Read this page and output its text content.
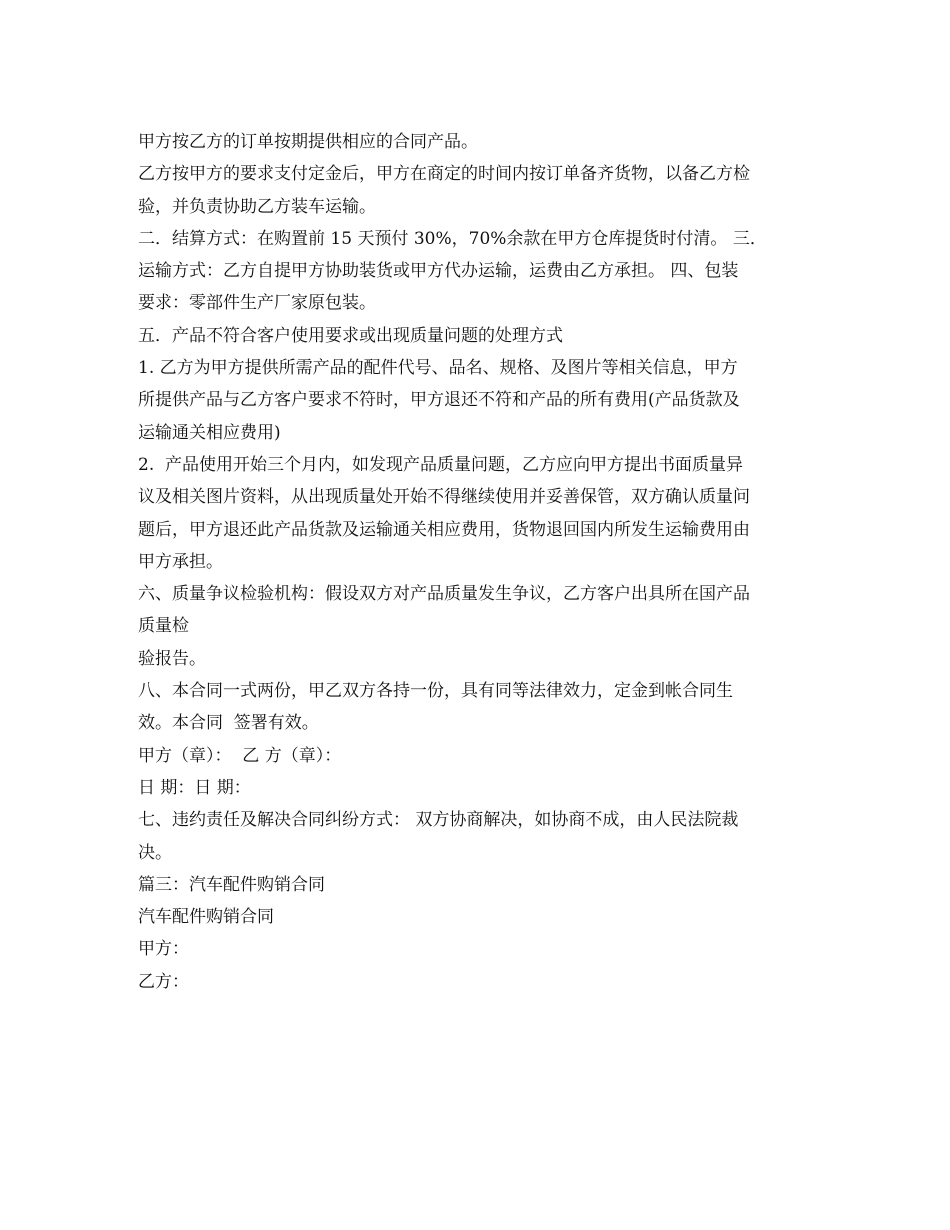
甲方按乙方的订单按期提供相应的合同产品。
乙方按甲方的要求支付定金后，甲方在商定的时间内按订单备齐货物，以备乙方检
验，并负责协助乙方装车运输。
二．结算方式：在购置前 15 天预付 30%，70%余款在甲方仓库提货时付清。 三．
运输方式：乙方自提甲方协助装货或甲方代办运输，运费由乙方承担。 四、包装
要求：零部件生产厂家原包装。
五．产品不符合客户使用要求或出现质量问题的处理方式
1. 乙方为甲方提供所需产品的配件代号、品名、规格、及图片等相关信息，甲方
所提供产品与乙方客户要求不符时，甲方退还不符和产品的所有费用(产品货款及
运输通关相应费用)
2.  产品使用开始三个月内，如发现产品质量问题，乙方应向甲方提出书面质量异
议及相关图片资料，从出现质量处开始不得继续使用并妥善保管，双方确认质量问
题后，甲方退还此产品货款及运输通关相应费用，货物退回国内所发生运输费用由
甲方承担。
六、质量争议检验机构：假设双方对产品质量发生争议，乙方客户出具所在国产品
质量检
验报告。
八、本合同一式两份，甲乙双方各持一份，具有同等法律效力，定金到帐合同生
效。本合同  签署有效。
甲方（章）：  乙 方（章）：
日 期：日 期：
七、违约责任及解决合同纠纷方式： 双方协商解决，如协商不成，由人民法院裁
决。
篇三：汽车配件购销合同
汽车配件购销合同
甲方：
乙方：
